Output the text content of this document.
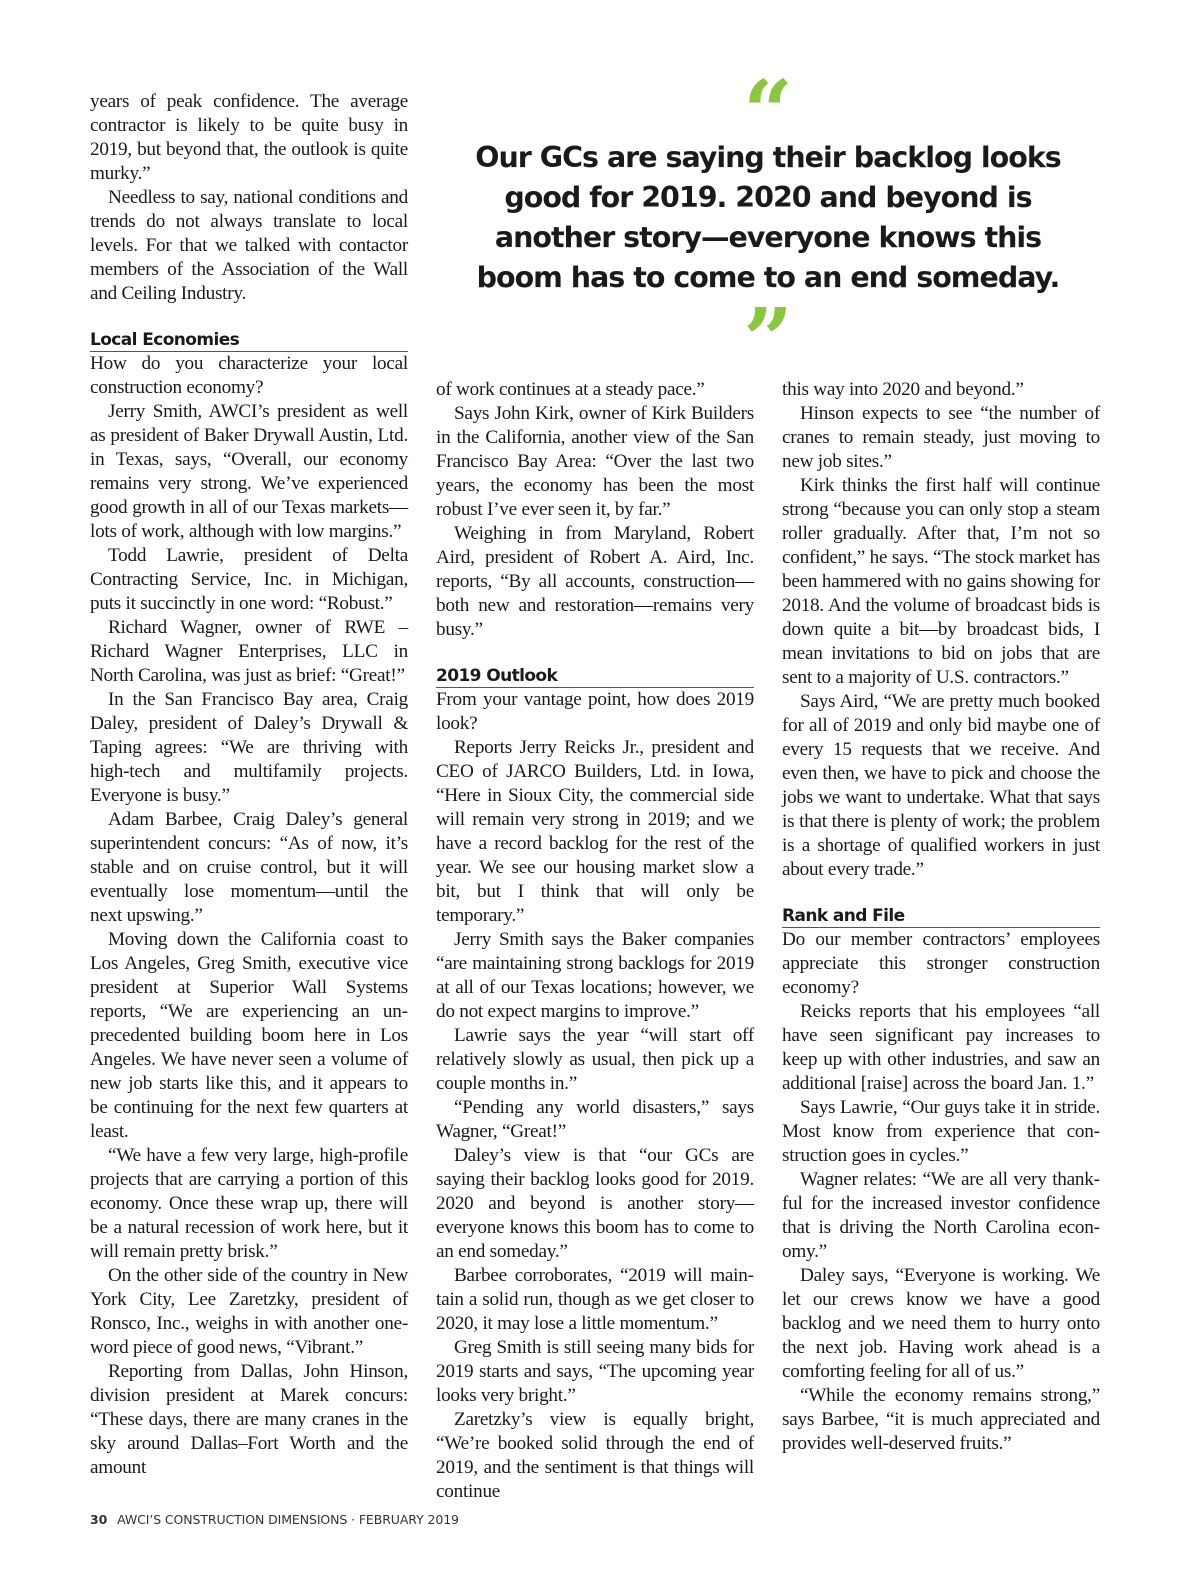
“
Our GCs are saying their backlog looks good for 2019. 2020 and beyond is another story—everyone knows this boom has to come to an end someday.
”

years of peak confidence. The average contractor is likely to be quite busy in 2019, but beyond that, the outlook is quite murky.”

Needless to say, national conditions and trends do not always translate to local levels. For that we talked with contactor members of the Association of the Wall and Ceiling Industry.

Local Economies

How do you characterize your local construction economy?

Jerry Smith, AWCI’s president as well as president of Baker Drywall Austin, Ltd. in Texas, says, “Overall, our economy remains very strong. We’ve experienced good growth in all of our Texas markets—lots of work, although with low margins.”

Todd Lawrie, president of Delta Contracting Service, Inc. in Michigan, puts it succinctly in one word: “Robust.”

Richard Wagner, owner of RWE – Richard Wagner Enterprises, LLC in North Carolina, was just as brief: “Great!”

In the San Francisco Bay area, Craig Daley, president of Daley’s Drywall & Taping agrees: “We are thriving with high-tech and multifamily projects. Everyone is busy.”

Adam Barbee, Craig Daley’s general superintendent concurs: “As of now, it’s stable and on cruise control, but it will eventually lose momentum—until the next upswing.”

Moving down the California coast to Los Angeles, Greg Smith, executive vice president at Superior Wall Systems reports, “We are experiencing an unprecedented building boom here in Los Angeles. We have never seen a volume of new job starts like this, and it appears to be continuing for the next few quarters at least.

“We have a few very large, high-profile projects that are carrying a portion of this economy. Once these wrap up, there will be a natural recession of work here, but it will remain pretty brisk.”

On the other side of the country in New York City, Lee Zaretzky, president of Ronsco, Inc., weighs in with another one-word piece of good news, “Vibrant.”

Reporting from Dallas, John Hinson, division president at Marek concurs: “These days, there are many cranes in the sky around Dallas–Fort Worth and the amount

of work continues at a steady pace.”

Says John Kirk, owner of Kirk Builders in the California, another view of the San Francisco Bay Area: “Over the last two years, the economy has been the most robust I’ve ever seen it, by far.”

Weighing in from Maryland, Robert Aird, president of Robert A. Aird, Inc. reports, “By all accounts, construction—both new and restoration—remains very busy.”

2019 Outlook

From your vantage point, how does 2019 look?

Reports Jerry Reicks Jr., president and CEO of JARCO Builders, Ltd. in Iowa, “Here in Sioux City, the commercial side will remain very strong in 2019; and we have a record backlog for the rest of the year. We see our housing market slow a bit, but I think that will only be temporary.”

Jerry Smith says the Baker companies “are maintaining strong backlogs for 2019 at all of our Texas locations; however, we do not expect margins to improve.”

Lawrie says the year “will start off relatively slowly as usual, then pick up a couple months in.”

“Pending any world disasters,” says Wagner, “Great!”

Daley’s view is that “our GCs are saying their backlog looks good for 2019. 2020 and beyond is another story—everyone knows this boom has to come to an end someday.”

Barbee corroborates, “2019 will maintain a solid run, though as we get closer to 2020, it may lose a little momentum.”

Greg Smith is still seeing many bids for 2019 starts and says, “The upcoming year looks very bright.”

Zaretzky’s view is equally bright, “We’re booked solid through the end of 2019, and the sentiment is that things will continue

this way into 2020 and beyond.”

Hinson expects to see “the number of cranes to remain steady, just moving to new job sites.”

Kirk thinks the first half will continue strong “because you can only stop a steam roller gradually. After that, I’m not so confident,” he says. “The stock market has been hammered with no gains showing for 2018. And the volume of broadcast bids is down quite a bit—by broadcast bids, I mean invitations to bid on jobs that are sent to a majority of U.S. contractors.”

Says Aird, “We are pretty much booked for all of 2019 and only bid maybe one of every 15 requests that we receive. And even then, we have to pick and choose the jobs we want to undertake. What that says is that there is plenty of work; the problem is a shortage of qualified workers in just about every trade.”

Rank and File

Do our member contractors’ employees appreciate this stronger construction economy?

Reicks reports that his employees “all have seen significant pay increases to keep up with other industries, and saw an additional [raise] across the board Jan. 1.”

Says Lawrie, “Our guys take it in stride. Most know from experience that construction goes in cycles.”

Wagner relates: “We are all very thankful for the increased investor confidence that is driving the North Carolina economy.”

Daley says, “Everyone is working. We let our crews know we have a good backlog and we need them to hurry onto the next job. Having work ahead is a comforting feeling for all of us.”

“While the economy remains strong,” says Barbee, “it is much appreciated and provides well-deserved fruits.”

30 AWCI’S CONSTRUCTION DIMENSIONS · FEBRUARY 2019
